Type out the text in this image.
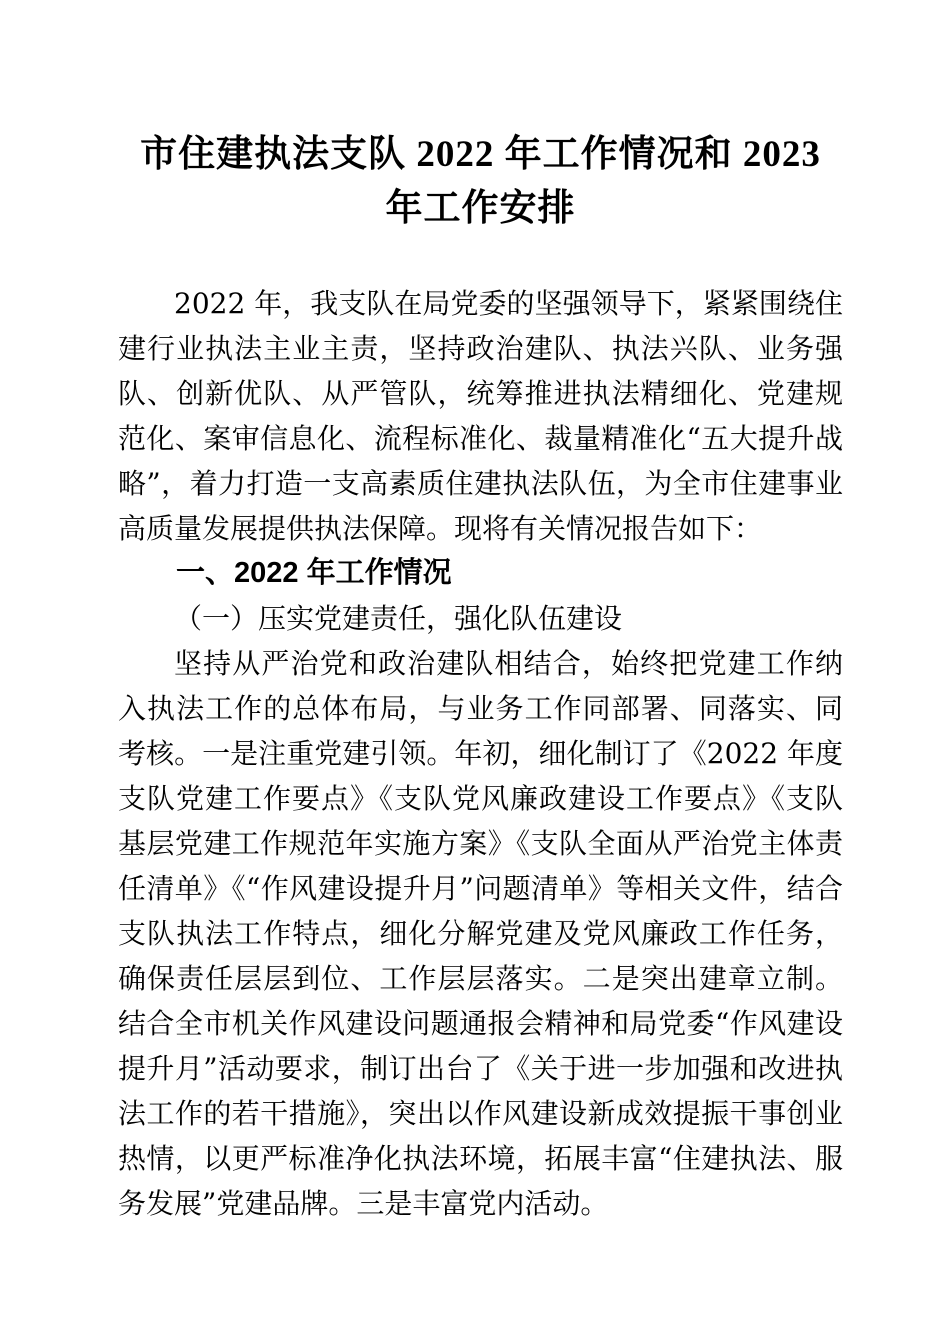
市住建执法支队 2022 年工作情况和 2023 年工作安排

2022 年，我支队在局党委的坚强领导下，紧紧围绕住建行业执法主业主责，坚持政治建队、执法兴队、业务强队、创新优队、从严管队，统筹推进执法精细化、党建规范化、案审信息化、流程标准化、裁量精准化“五大提升战略”，着力打造一支高素质住建执法队伍，为全市住建事业高质量发展提供执法保障。现将有关情况报告如下：

一、2022 年工作情况
（一）压实党建责任，强化队伍建设

坚持从严治党和政治建队相结合，始终把党建工作纳入执法工作的总体布局，与业务工作同部署、同落实、同考核。一是注重党建引领。年初，细化制订了《2022 年度支队党建工作要点》《支队党风廉政建设工作要点》《支队基层党建工作规范年实施方案》《支队全面从严治党主体责任清单》《“作风建设提升月”问题清单》等相关文件，结合支队执法工作特点，细化分解党建及党风廉政工作任务，确保责任层层到位、工作层层落实。二是突出建章立制。结合全市机关作风建设问题通报会精神和局党委“作风建设提升月”活动要求，制订出台了《关于进一步加强和改进执法工作的若干措施》，突出以作风建设新成效提振干事创业热情，以更严标准净化执法环境，拓展丰富“住建执法、服务发展”党建品牌。三是丰富党内活动。
